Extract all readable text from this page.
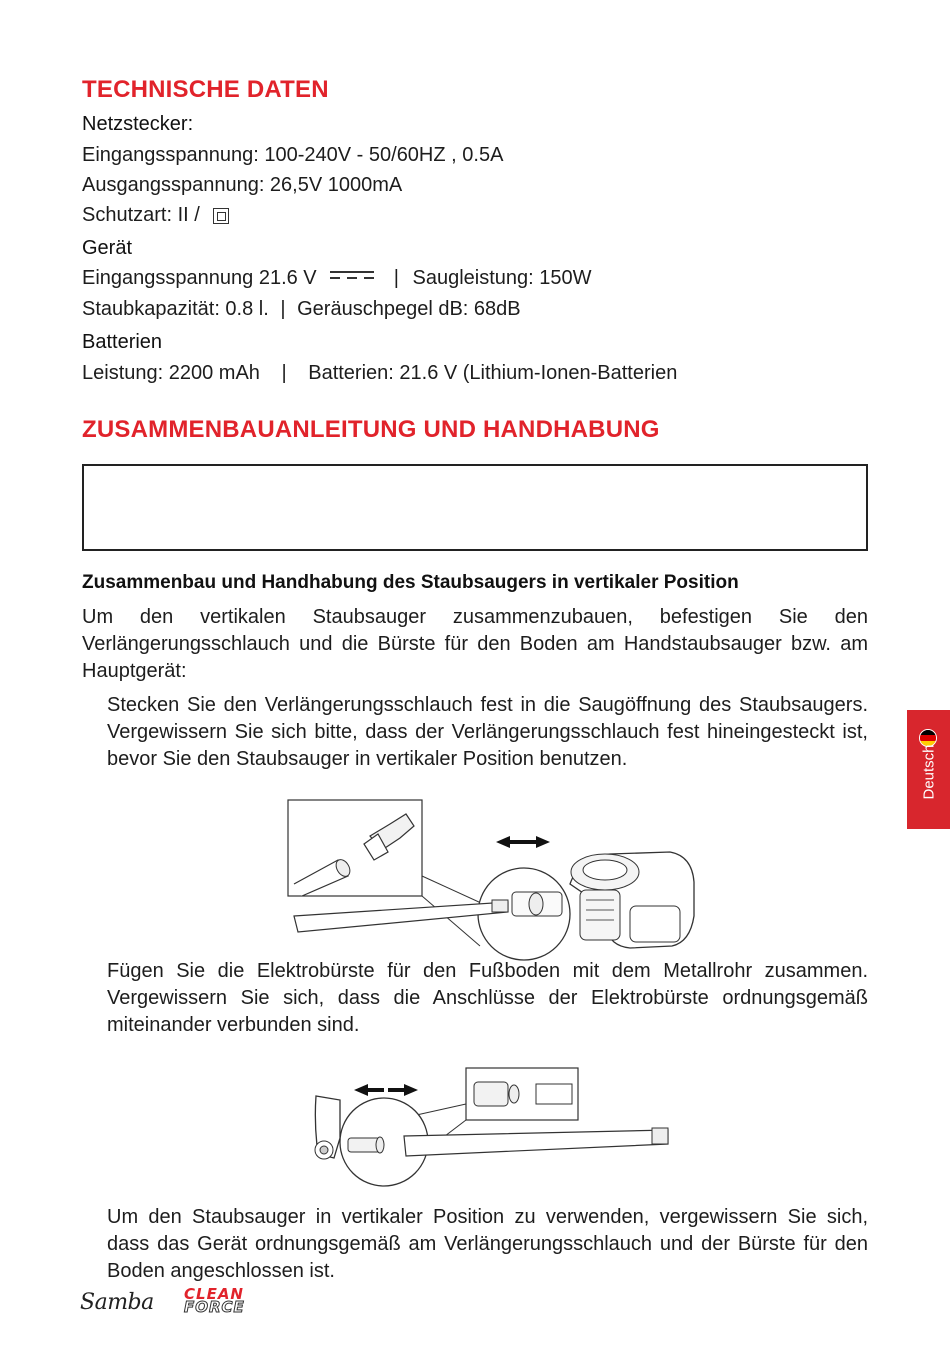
TECHNISCHE DATEN
Netzstecker:
Eingangsspannung: 100-240V - 50/60HZ , 0.5A
Ausgangsspannung: 26,5V 1000mA
Schutzart: II /
Gerät
Eingangsspannung 21.6 V	| Saugleistung: 150W
Staubkapazität: 0.8 l. | Geräuschpegel dB: 68dB
Batterien
Leistung: 2200 mAh | Batterien: 21.6 V (Lithium-Ionen-Batterien
ZUSAMMENBAUANLEITUNG UND HANDHABUNG
Zusammenbau und Handhabung des Staubsaugers in vertikaler Position
Um den vertikalen Staubsauger zusammenzubauen, befestigen Sie den Verlängerungsschlauch und die Bürste für den Boden am Handstaubsauger bzw. am Hauptgerät:
Stecken Sie den Verlängerungsschlauch fest in die Saugöffnung des Staubsaugers. Vergewissern Sie sich bitte, dass der Verlängerungsschlauch fest hineingesteckt ist, bevor Sie den Staubsauger in vertikaler Position benutzen.
Fügen Sie die Elektrobürste für den Fußboden mit dem Metallrohr zusammen. Vergewissern Sie sich, dass die Anschlüsse der Elektrobürste ordnungsgemäß miteinander verbunden sind.
Um den Staubsauger in vertikaler Position zu verwenden, vergewissern Sie sich, dass das Gerät ordnungsgemäß am Verlängerungsschlauch und der Bürste für den Boden angeschlossen ist.
Deutsch
Samba CLEAN
FORCE
